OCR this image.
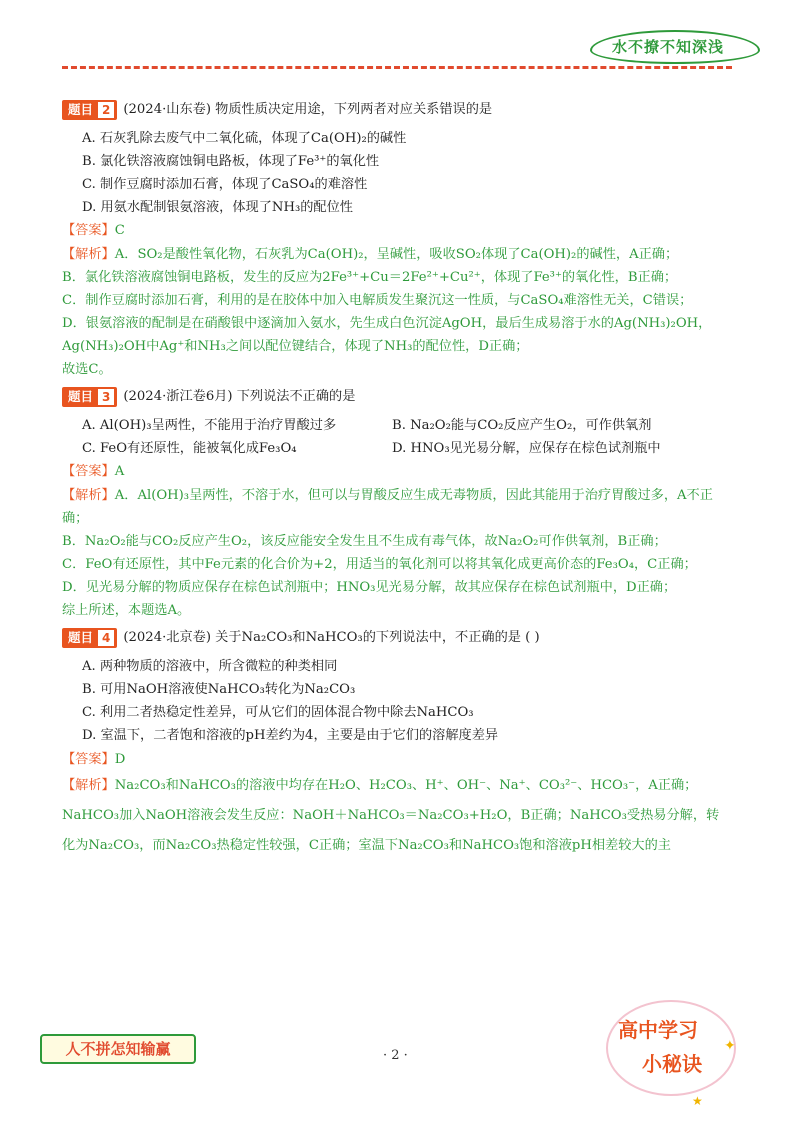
水不撩不知深浅
题目 2 (2024·山东卷) 物质性质决定用途，下列两者对应关系错误的是
A. 石灰乳除去废气中二氧化硫，体现了Ca(OH)₂的碱性
B. 氯化铁溶液腐蚀铜电路板，体现了Fe³⁺的氧化性
C. 制作豆腐时添加石膏，体现了CaSO₄的难溶性
D. 用氨水配制银氨溶液，体现了NH₃的配位性
【答案】C
【解析】A．SO₂是酸性氧化物，石灰乳为Ca(OH)₂，呈碱性，吸收SO₂体现了Ca(OH)₂的碱性，A正确；
B．氯化铁溶液腐蚀铜电路板，发生的反应为2Fe³⁺+Cu＝2Fe²⁺+Cu²⁺，体现了Fe³⁺的氧化性，B正确；
C．制作豆腐时添加石膏，利用的是在胶体中加入电解质发生聚沉这一性质，与CaSO₄难溶性无关，C错误；
D．银氨溶液的配制是在硝酸银中逐滴加入氨水，先生成白色沉淀AgOH，最后生成易溶于水的Ag(NH₃)₂OH，Ag(NH₃)₂OH中Ag⁺和NH₃之间以配位键结合，体现了NH₃的配位性，D正确；
故选C。
题目 3 (2024·浙江卷6月) 下列说法不正确的是
A. Al(OH)₃呈两性，不能用于治疗胃酸过多	B. Na₂O₂能与CO₂反应产生O₂，可作供氧剂
C. FeO有还原性，能被氧化成Fe₃O₄	D. HNO₃见光易分解，应保存在棕色试剂瓶中
【答案】A
【解析】A．Al(OH)₃呈两性，不溶于水，但可以与胃酸反应生成无毒物质，因此其能用于治疗胃酸过多，A不正确；
B．Na₂O₂能与CO₂反应产生O₂，该反应能安全发生且不生成有毒气体，故Na₂O₂可作供氧剂，B正确；
C．FeO有还原性，其中Fe元素的化合价为+2，用适当的氧化剂可以将其氧化成更高价态的Fe₃O₄，C正确；
D．见光易分解的物质应保存在棕色试剂瓶中；HNO₃见光易分解，故其应保存在棕色试剂瓶中，D正确；
综上所述，本题选A。
题目 4 (2024·北京卷) 关于Na₂CO₃和NaHCO₃的下列说法中，不正确的是 ( )
A. 两种物质的溶液中，所含微粒的种类相同
B. 可用NaOH溶液使NaHCO₃转化为Na₂CO₃
C. 利用二者热稳定性差异，可从它们的固体混合物中除去NaHCO₃
D. 室温下，二者饱和溶液的pH差约为4，主要是由于它们的溶解度差异
【答案】D
【解析】Na₂CO₃和NaHCO₃的溶液中均存在H₂O、H₂CO₃、H⁺、OH⁻、Na⁺、CO₃²⁻、HCO₃⁻，A正确；
NaHCO₃加入NaOH溶液会发生反应：NaOH＋NaHCO₃＝Na₂CO₃+H₂O，B正确；NaHCO₃受热易分解，转
化为Na₂CO₃，而Na₂CO₃热稳定性较强，C正确；室温下Na₂CO₃和NaHCO₃饱和溶液pH相差较大的主
人不拼怎知输赢	· 2 ·
高中学习
小秘诀
✦
★
